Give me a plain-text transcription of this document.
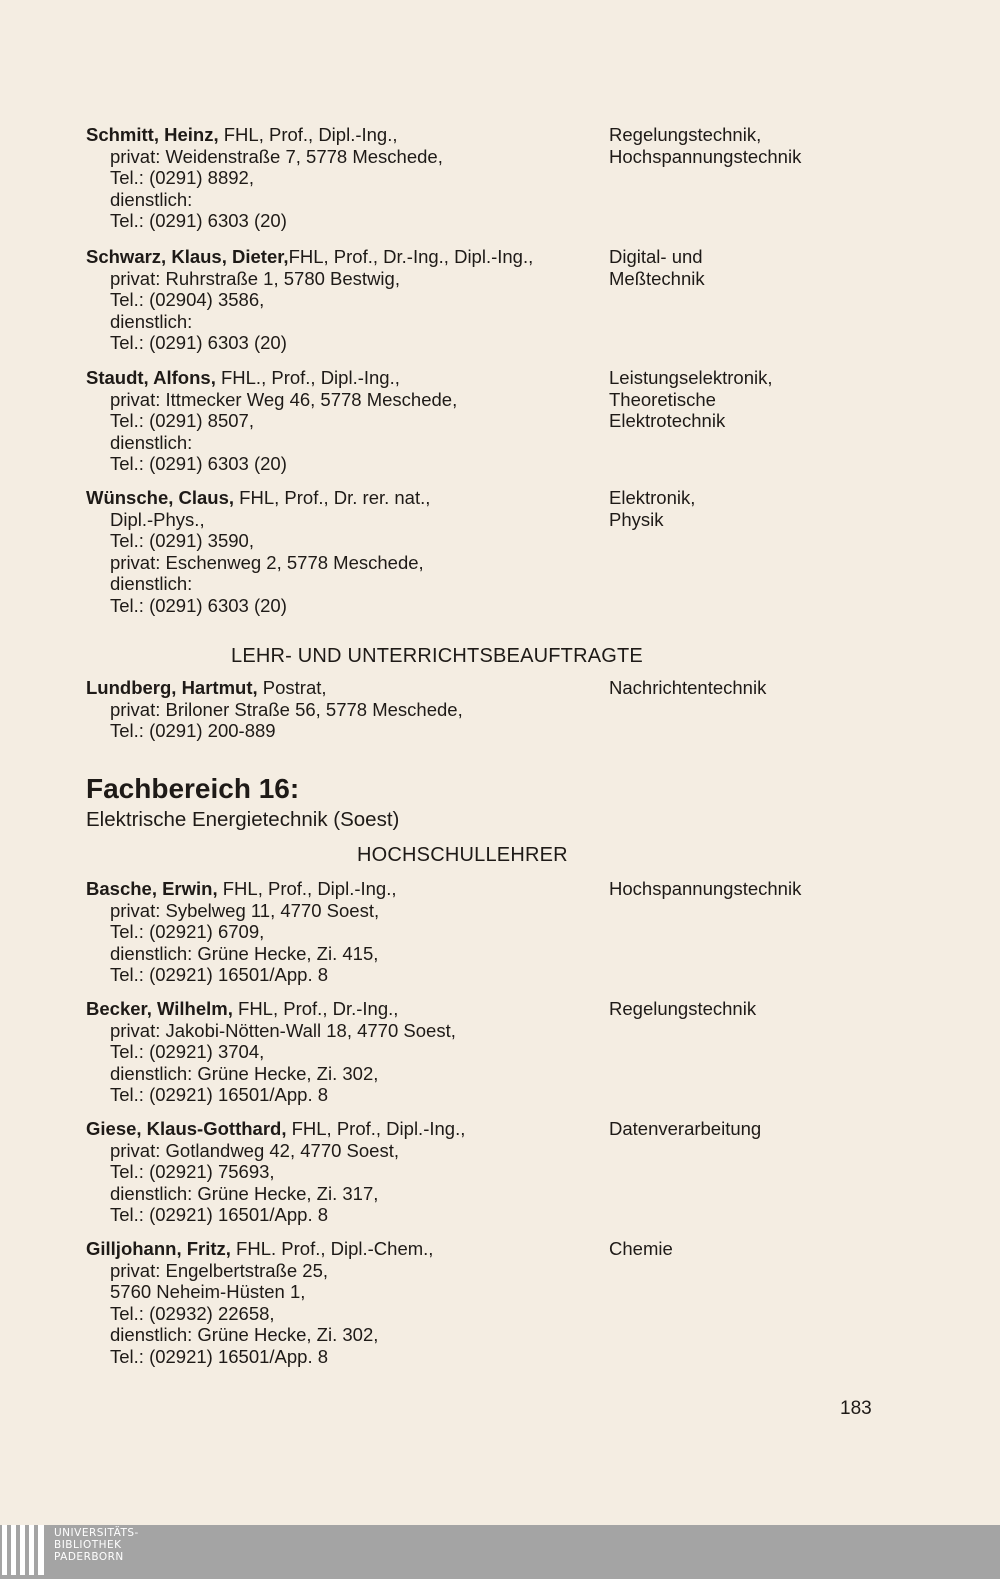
Schmitt, Heinz, FHL, Prof., Dipl.-Ing.,
privat: Weidenstraße 7, 5778 Meschede,
Tel.: (0291) 8892,
dienstlich:
Tel.: (0291) 6303 (20)
Regelungstechnik,
Hochspannungstechnik
Schwarz, Klaus, Dieter,FHL, Prof., Dr.-Ing., Dipl.-Ing.,
privat: Ruhrstraße 1, 5780 Bestwig,
Tel.: (02904) 3586,
dienstlich:
Tel.: (0291) 6303 (20)
Digital- und
Meßtechnik
Staudt, Alfons, FHL., Prof., Dipl.-Ing.,
privat: Ittmecker Weg 46, 5778 Meschede,
Tel.: (0291) 8507,
dienstlich:
Tel.: (0291) 6303 (20)
Leistungselektronik,
Theoretische
Elektrotechnik
Wünsche, Claus, FHL, Prof., Dr. rer. nat.,
Dipl.-Phys.,
Tel.: (0291) 3590,
privat: Eschenweg 2, 5778 Meschede,
dienstlich:
Tel.: (0291) 6303 (20)
Elektronik,
Physik
LEHR- UND UNTERRICHTSBEAUFTRAGTE
Lundberg, Hartmut, Postrat,
privat: Briloner Straße 56, 5778 Meschede,
Tel.: (0291) 200-889
Nachrichtentechnik
Fachbereich 16:
Elektrische Energietechnik (Soest)
HOCHSCHULLEHRER
Basche, Erwin, FHL, Prof., Dipl.-Ing.,
privat: Sybelweg 11, 4770 Soest,
Tel.: (02921) 6709,
dienstlich: Grüne Hecke, Zi. 415,
Tel.: (02921) 16501/App. 8
Hochspannungstechnik
Becker, Wilhelm, FHL, Prof., Dr.-Ing.,
privat: Jakobi-Nötten-Wall 18, 4770 Soest,
Tel.: (02921) 3704,
dienstlich: Grüne Hecke, Zi. 302,
Tel.: (02921) 16501/App. 8
Regelungstechnik
Giese, Klaus-Gotthard, FHL, Prof., Dipl.-Ing.,
privat: Gotlandweg 42, 4770 Soest,
Tel.: (02921) 75693,
dienstlich: Grüne Hecke, Zi. 317,
Tel.: (02921) 16501/App. 8
Datenverarbeitung
Gilljohann, Fritz, FHL. Prof., Dipl.-Chem.,
privat: Engelbertstraße 25,
5760 Neheim-Hüsten 1,
Tel.: (02932) 22658,
dienstlich: Grüne Hecke, Zi. 302,
Tel.: (02921) 16501/App. 8
Chemie
183
UNIVERSITÄTS-
BIBLIOTHEK
PADERBORN
